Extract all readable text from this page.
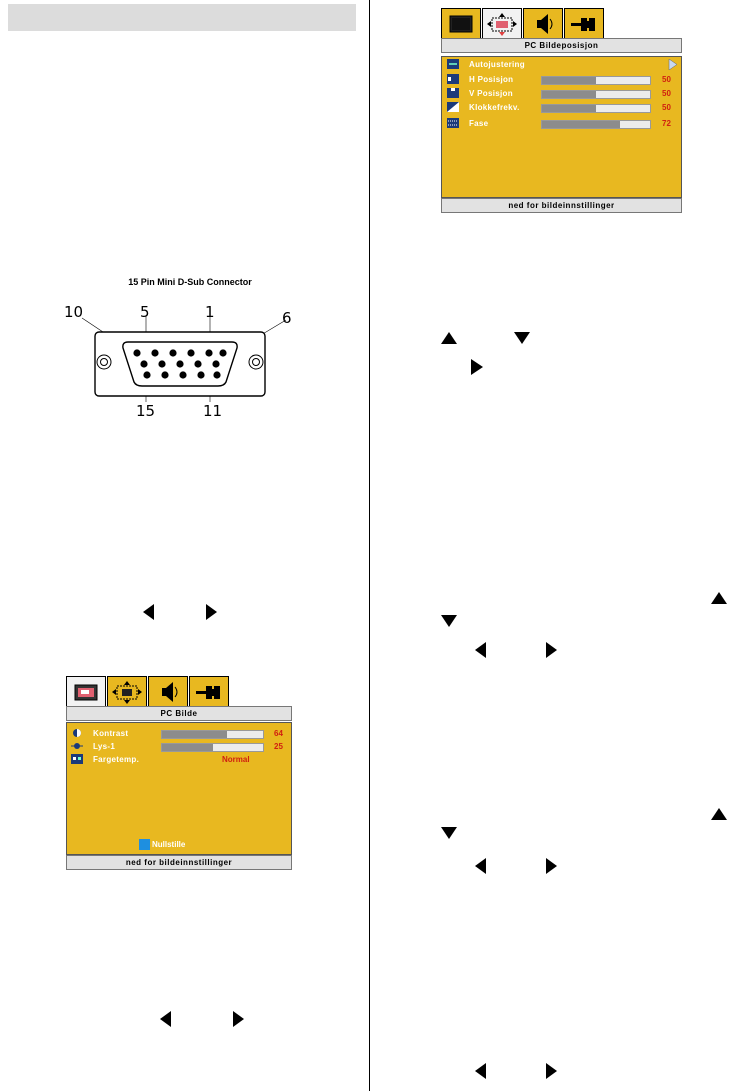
15 Pin Mini D-Sub Connector
10	5	1	6
15	11
PC Bilde
Kontrast	64
Lys-1	25
Fargetemp.	Normal
Nullstille
ned for bildeinnstillinger
PC Bildeposisjon
Autojustering
H Posisjon	50
V Posisjon	50
Klokkefrekv.	50
Fase	72
ned for bildeinnstillinger
